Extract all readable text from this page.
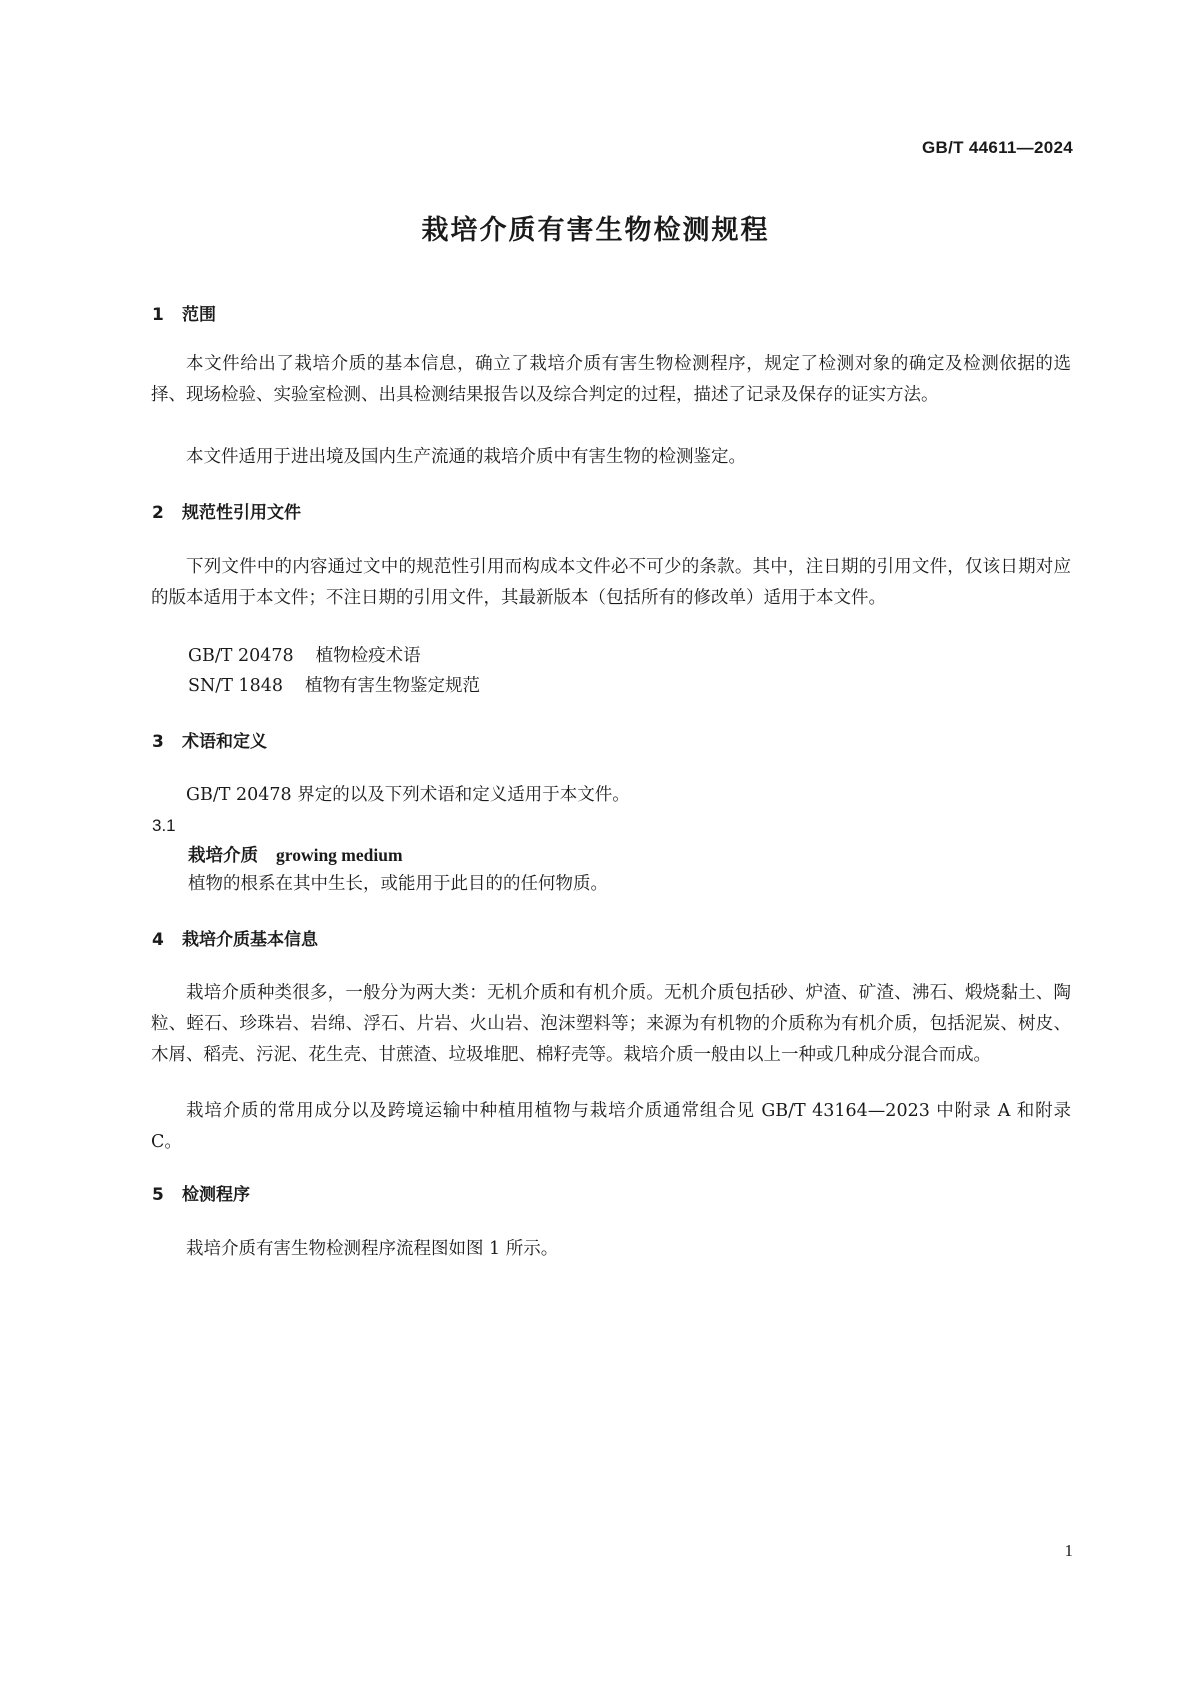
GB/T 44611—2024
栽培介质有害生物检测规程
1 范围

本文件给出了栽培介质的基本信息，确立了栽培介质有害生物检测程序，规定了检测对象的确定及检测依据的选择、现场检验、实验室检测、出具检测结果报告以及综合判定的过程，描述了记录及保存的证实方法。

本文件适用于进出境及国内生产流通的栽培介质中有害生物的检测鉴定。

2 规范性引用文件

下列文件中的内容通过文中的规范性引用而构成本文件必不可少的条款。其中，注日期的引用文件，仅该日期对应的版本适用于本文件；不注日期的引用文件，其最新版本（包括所有的修改单）适用于本文件。

GB/T 20478 植物检疫术语
SN/T 1848 植物有害生物鉴定规范
3 术语和定义

GB/T 20478 界定的以及下列术语和定义适用于本文件。

3.1
栽培介质 growing medium
植物的根系在其中生长，或能用于此目的的任何物质。
4 栽培介质基本信息

栽培介质种类很多，一般分为两大类：无机介质和有机介质。无机介质包括砂、炉渣、矿渣、沸石、煅烧黏土、陶粒、蛭石、珍珠岩、岩绵、浮石、片岩、火山岩、泡沫塑料等；来源为有机物的介质称为有机介质，包括泥炭、树皮、木屑、稻壳、污泥、花生壳、甘蔗渣、垃圾堆肥、棉籽壳等。栽培介质一般由以上一种或几种成分混合而成。

栽培介质的常用成分以及跨境运输中种植用植物与栽培介质通常组合见 GB/T 43164—2023 中附录 A 和附录 C。

5 检测程序

栽培介质有害生物检测程序流程图如图 1 所示。

1
